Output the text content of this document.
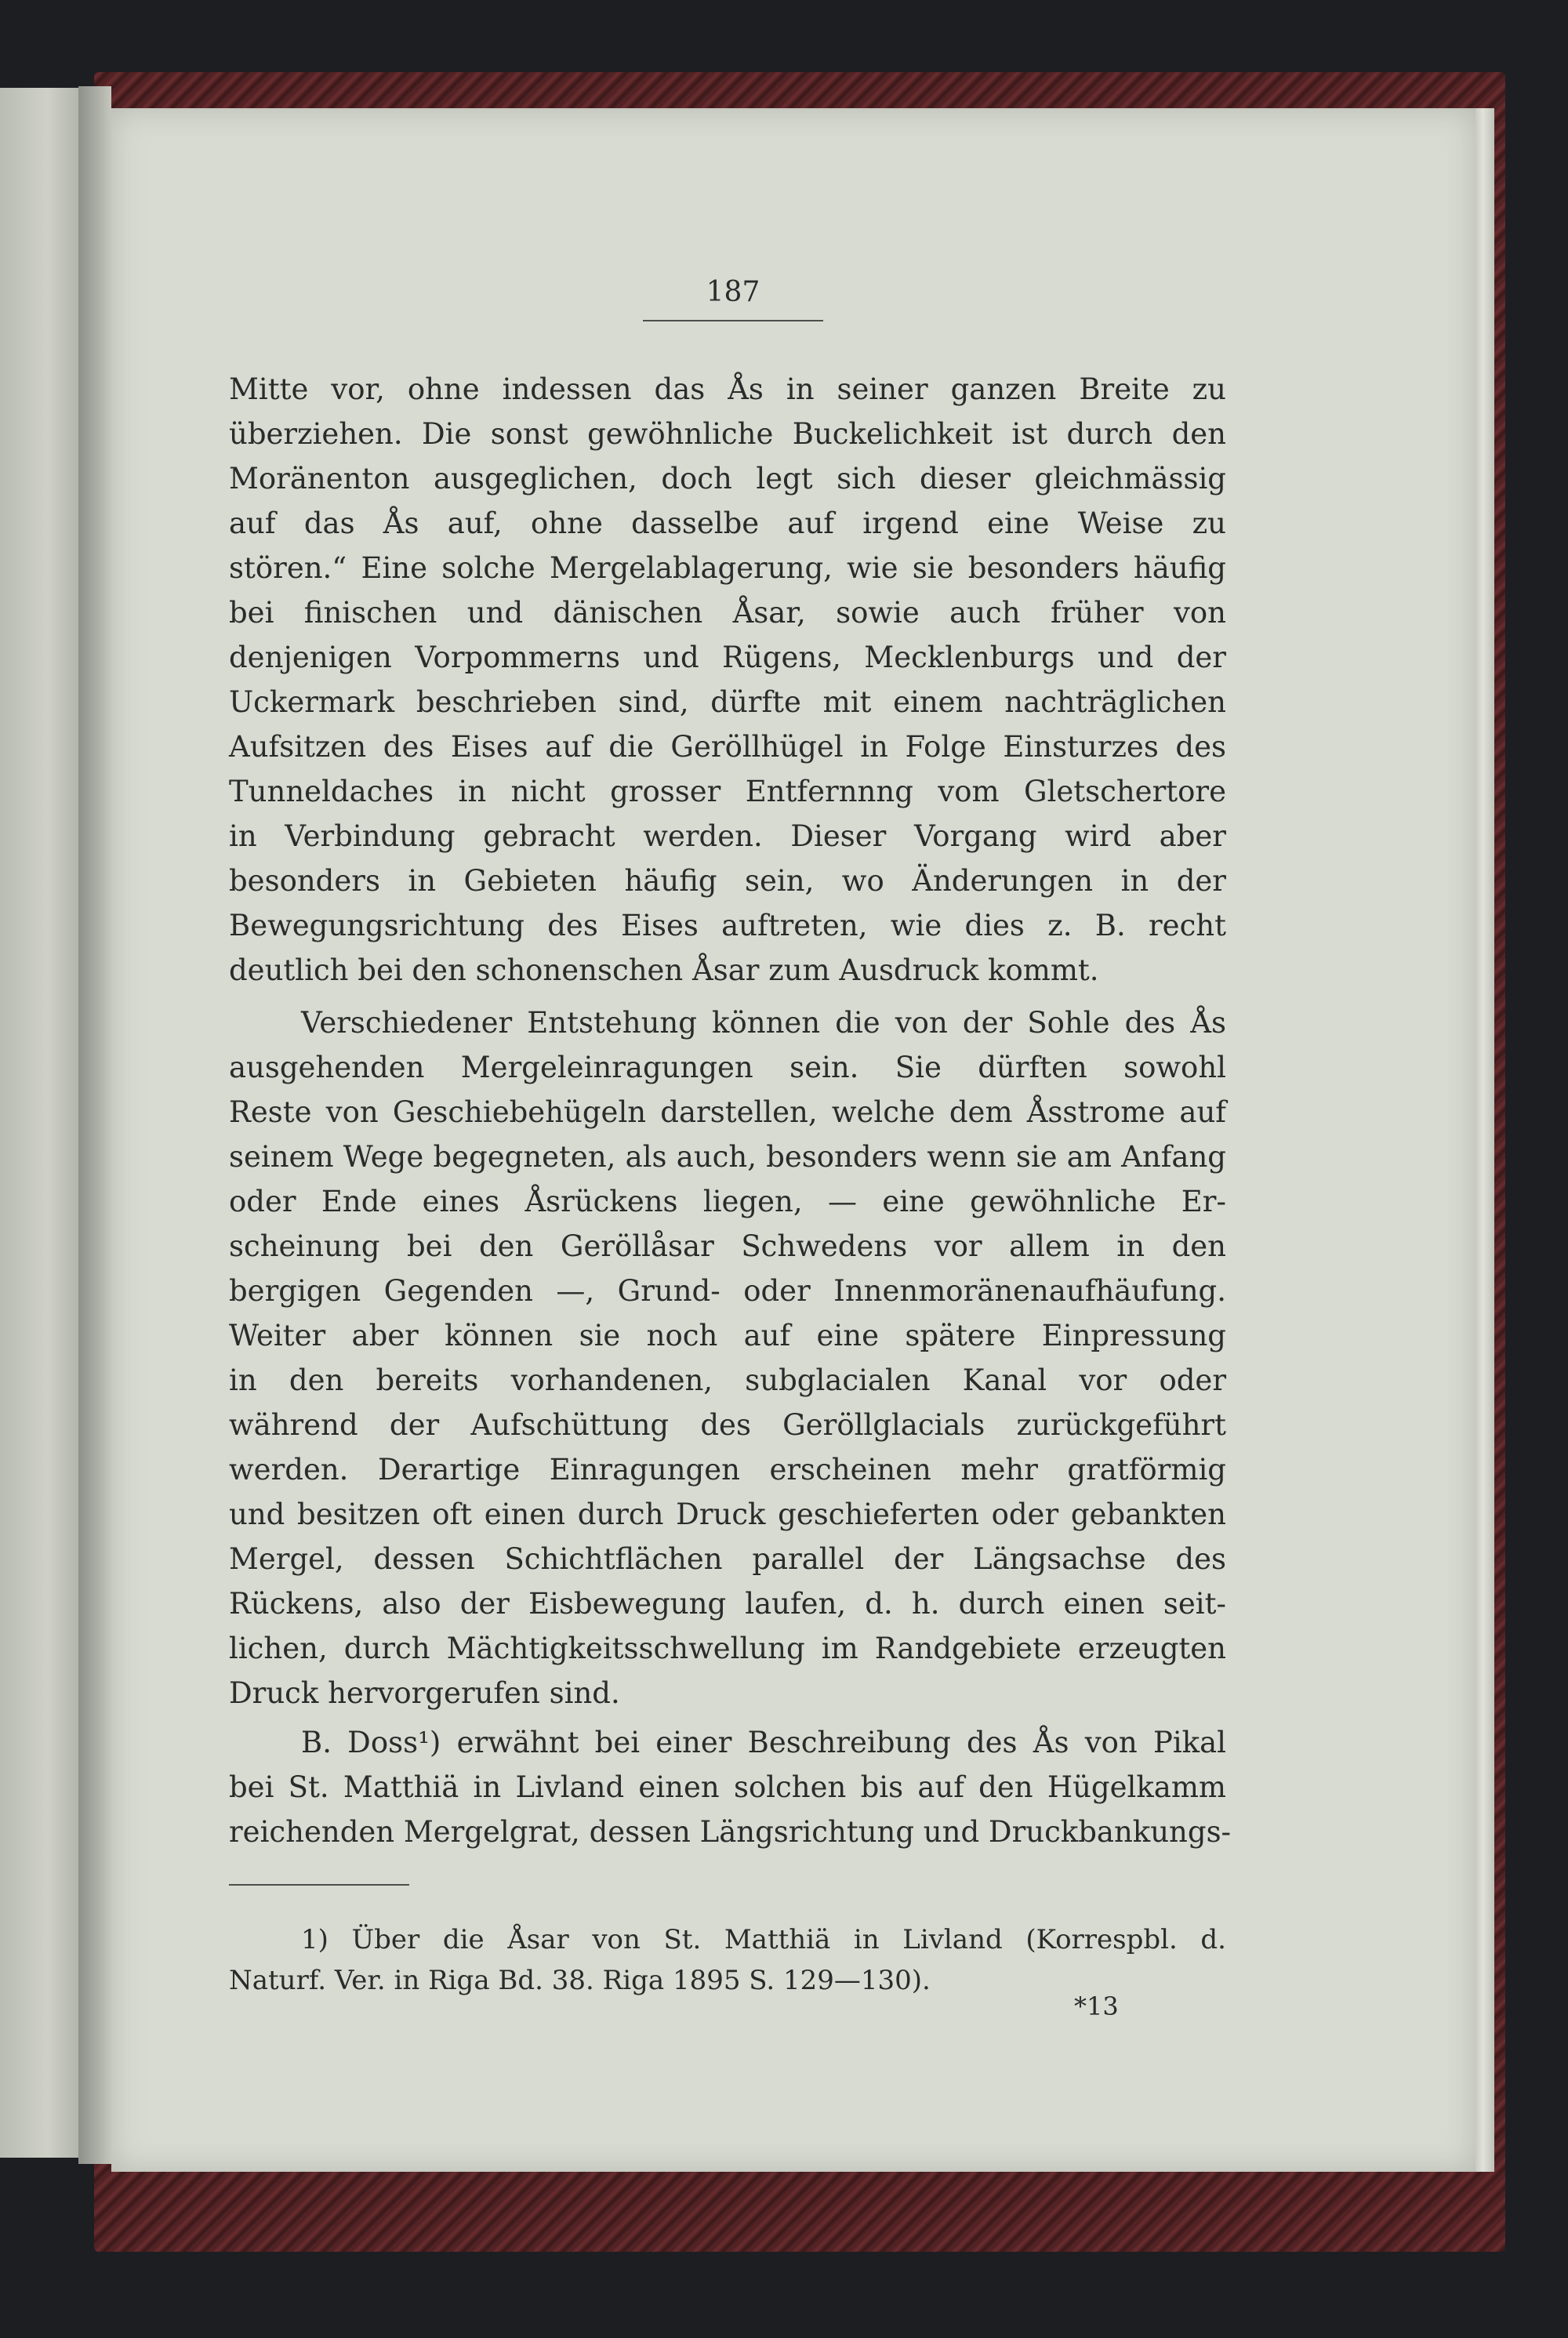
187
Mitte vor, ohne indessen das Ås in seiner ganzen Breite zu
überziehen. Die sonst gewöhnliche Buckelichkeit ist durch den
Moränenton ausgeglichen, doch legt sich dieser gleichmässig
auf das Ås auf, ohne dasselbe auf irgend eine Weise zu
stören.“ Eine solche Mergelablagerung, wie sie besonders häufig
bei finischen und dänischen Åsar, sowie auch früher von
denjenigen Vorpommerns und Rügens, Mecklenburgs und der
Uckermark beschrieben sind, dürfte mit einem nachträglichen
Aufsitzen des Eises auf die Geröllhügel in Folge Einsturzes des
Tunneldaches in nicht grosser Entfernnng vom Gletschertore
in Verbindung gebracht werden. Dieser Vorgang wird aber
besonders in Gebieten häufig sein, wo Änderungen in der
Bewegungsrichtung des Eises auftreten, wie dies z. B. recht
deutlich bei den schonenschen Åsar zum Ausdruck kommt.
Verschiedener Entstehung können die von der Sohle des Ås
ausgehenden Mergeleinragungen sein. Sie dürften sowohl
Reste von Geschiebehügeln darstellen, welche dem Åsstrome auf
seinem Wege begegneten, als auch, besonders wenn sie am Anfang
oder Ende eines Åsrückens liegen, — eine gewöhnliche Er-
scheinung bei den Geröllåsar Schwedens vor allem in den
bergigen Gegenden —, Grund- oder Innenmoränenaufhäufung.
Weiter aber können sie noch auf eine spätere Einpressung
in den bereits vorhandenen, subglacialen Kanal vor oder
während der Aufschüttung des Geröllglacials zurückgeführt
werden. Derartige Einragungen erscheinen mehr gratförmig
und besitzen oft einen durch Druck geschieferten oder gebankten
Mergel, dessen Schichtflächen parallel der Längsachse des
Rückens, also der Eisbewegung laufen, d. h. durch einen seit-
lichen, durch Mächtigkeitsschwellung im Randgebiete erzeugten
Druck hervorgerufen sind.
B. Doss¹) erwähnt bei einer Beschreibung des Ås von Pikal
bei St. Matthiä in Livland einen solchen bis auf den Hügelkamm
reichenden Mergelgrat, dessen Längsrichtung und Druckbankungs-
1) Über die Åsar von St. Matthiä in Livland (Korrespbl. d.
Naturf. Ver. in Riga Bd. 38. Riga 1895 S. 129—130).
*13
